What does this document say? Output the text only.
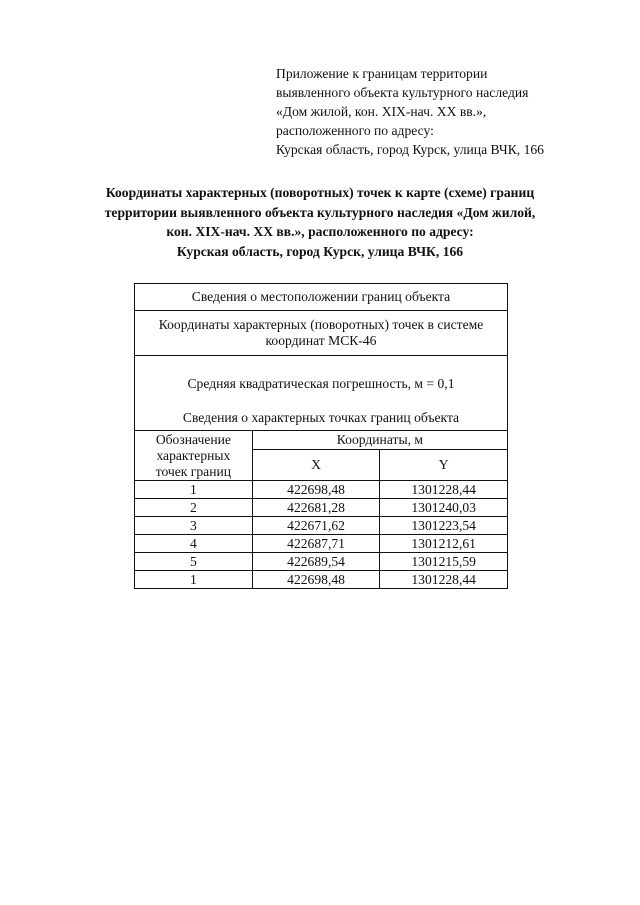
Приложение к границам территории
выявленного объекта культурного наследия
«Дом жилой, кон. XIX-нач. XX вв.»,
расположенного по адресу:
Курская область, город Курск, улица ВЧК, 166
Координаты характерных (поворотных) точек к карте (схеме) границ
территории выявленного объекта культурного наследия «Дом жилой,
кон. XIX-нач. XX вв.», расположенного по адресу:
Курская область, город Курск, улица ВЧК, 166
Сведения о местоположении границ объекта		

Координаты характерных (поворотных) точек в системе
координат МСК-46		

Средняя квадратическая погрешность, м = 0,1
Сведения о характерных точках границ объекта		

Обозначение
характерных
точек границ	Координаты, м	
	X	Y
1	422698,48	1301228,44
2	422681,28	1301240,03
3	422671,62	1301223,54
4	422687,71	1301212,61
5	422689,54	1301215,59
1	422698,48	1301228,44
